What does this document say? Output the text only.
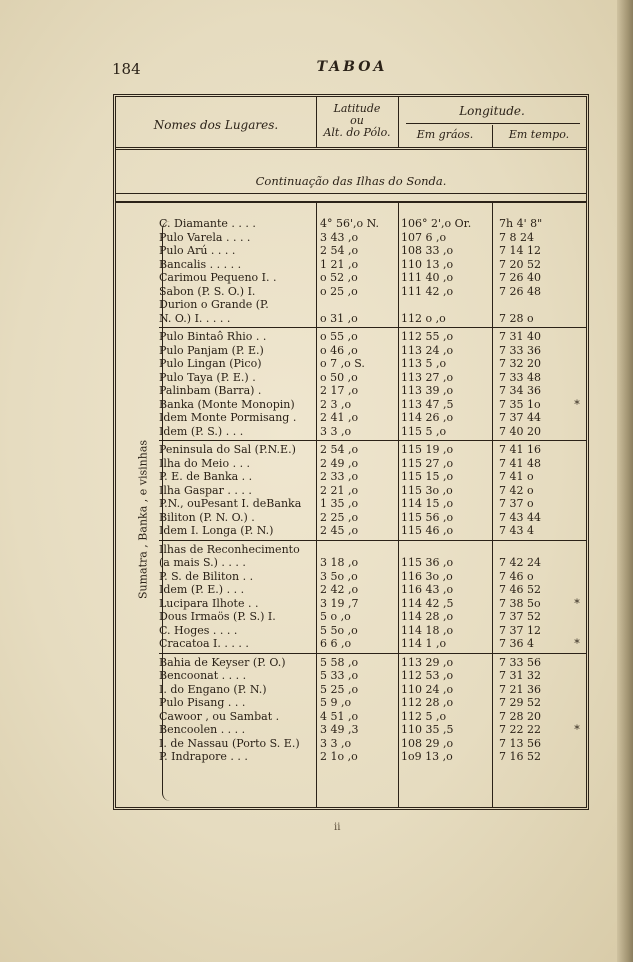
184	TABOA
Nomes dos Lugares.
Latitude
ou
Alt. do Pólo.
Longitude.
Em gráos.	Em tempo.
Continuação das Ilhas do Sonda.
Sumatra , Banka , e visinhas
C. Diamante . . . .	4° 56',o N.	106° 2',o Or.	7h 4' 8"
Pulo Varela . . . .	3 43 ,o	107 6 ,o	7 8 24
Pulo Arú . . . .	2 54 ,o	108 33 ,o	7 14 12
Bancalis . . . . .	1 21 ,o	110 13 ,o	7 20 52
Carimou Pequeno I. .	o 52 ,o	111 40 ,o	7 26 40
Sabon (P. S. O.) I.	o 25 ,o	111 42 ,o	7 26 48
Durion o Grande (P.
N. O.) I. . . . .	o 31 ,o	112 o ,o	7 28 o
Pulo Bintaô Rhio . .	o 55 ,o	112 55 ,o	7 31 40
Pulo Panjam (P. E.)	o 46 ,o	113 24 ,o	7 33 36
Pulo Lingan (Pico)	o 7 ,o S.	113 5 ,o	7 32 20
Pulo Taya (P. E.) .	o 50 ,o	113 27 ,o	7 33 48
Palinbam (Barra) .	2 17 ,o	113 39 ,o	7 34 36
Banka (Monte Monopin)	2 3 ,o	113 47 ,5	7 35 1o	*
Idem Monte Pormisang .	2 41 ,o	114 26 ,o	7 37 44
Idem (P. S.) . . .	3 3 ,o	115 5 ,o	7 40 20
Peninsula do Sal (P.N.E.)	2 54 ,o	115 19 ,o	7 41 16
Ilha do Meio . . .	2 49 ,o	115 27 ,o	7 41 48
P. E. de Banka . .	2 33 ,o	115 15 ,o	7 41 o
Ilha Gaspar . . . .	2 21 ,o	115 3o ,o	7 42 o
P.N., ouPesant I. deBanka	1 35 ,o	114 15 ,o	7 37 o
Biliton (P. N. O.) .	2 25 ,o	115 56 ,o	7 43 44
Idem I. Longa (P. N.)	2 45 ,o	115 46 ,o	7 43 4
Ilhas de Reconhecimento
(a mais S.) . . . .	3 18 ,o	115 36 ,o	7 42 24
P. S. de Biliton . .	3 5o ,o	116 3o ,o	7 46 o
Idem (P. E.) . . .	2 42 ,o	116 43 ,o	7 46 52
Lucipara Ilhote . .	3 19 ,7	114 42 ,5	7 38 5o	*
Dous Irmaös (P. S.) I.	5 o ,o	114 28 ,o	7 37 52
C. Hoges . . . .	5 5o ,o	114 18 ,o	7 37 12
Cracatoa I. . . . .	6 6 ,o	114 1 ,o	7 36 4	*
Bahia de Keyser (P. O.)	5 58 ,o	113 29 ,o	7 33 56
Bencoonat . . . .	5 33 ,o	112 53 ,o	7 31 32
I. do Engano (P. N.)	5 25 ,o	110 24 ,o	7 21 36
Pulo Pisang . . .	5 9 ,o	112 28 ,o	7 29 52
Cawoor , ou Sambat .	4 51 ,o	112 5 ,o	7 28 20
Bencoolen . . . .	3 49 ,3	110 35 ,5	7 22 22	*
I. de Nassau (Porto S. E.)	3 3 ,o	108 29 ,o	7 13 56
P. Indrapore . . .	2 1o ,o	1o9 13 ,o	7 16 52
ii
